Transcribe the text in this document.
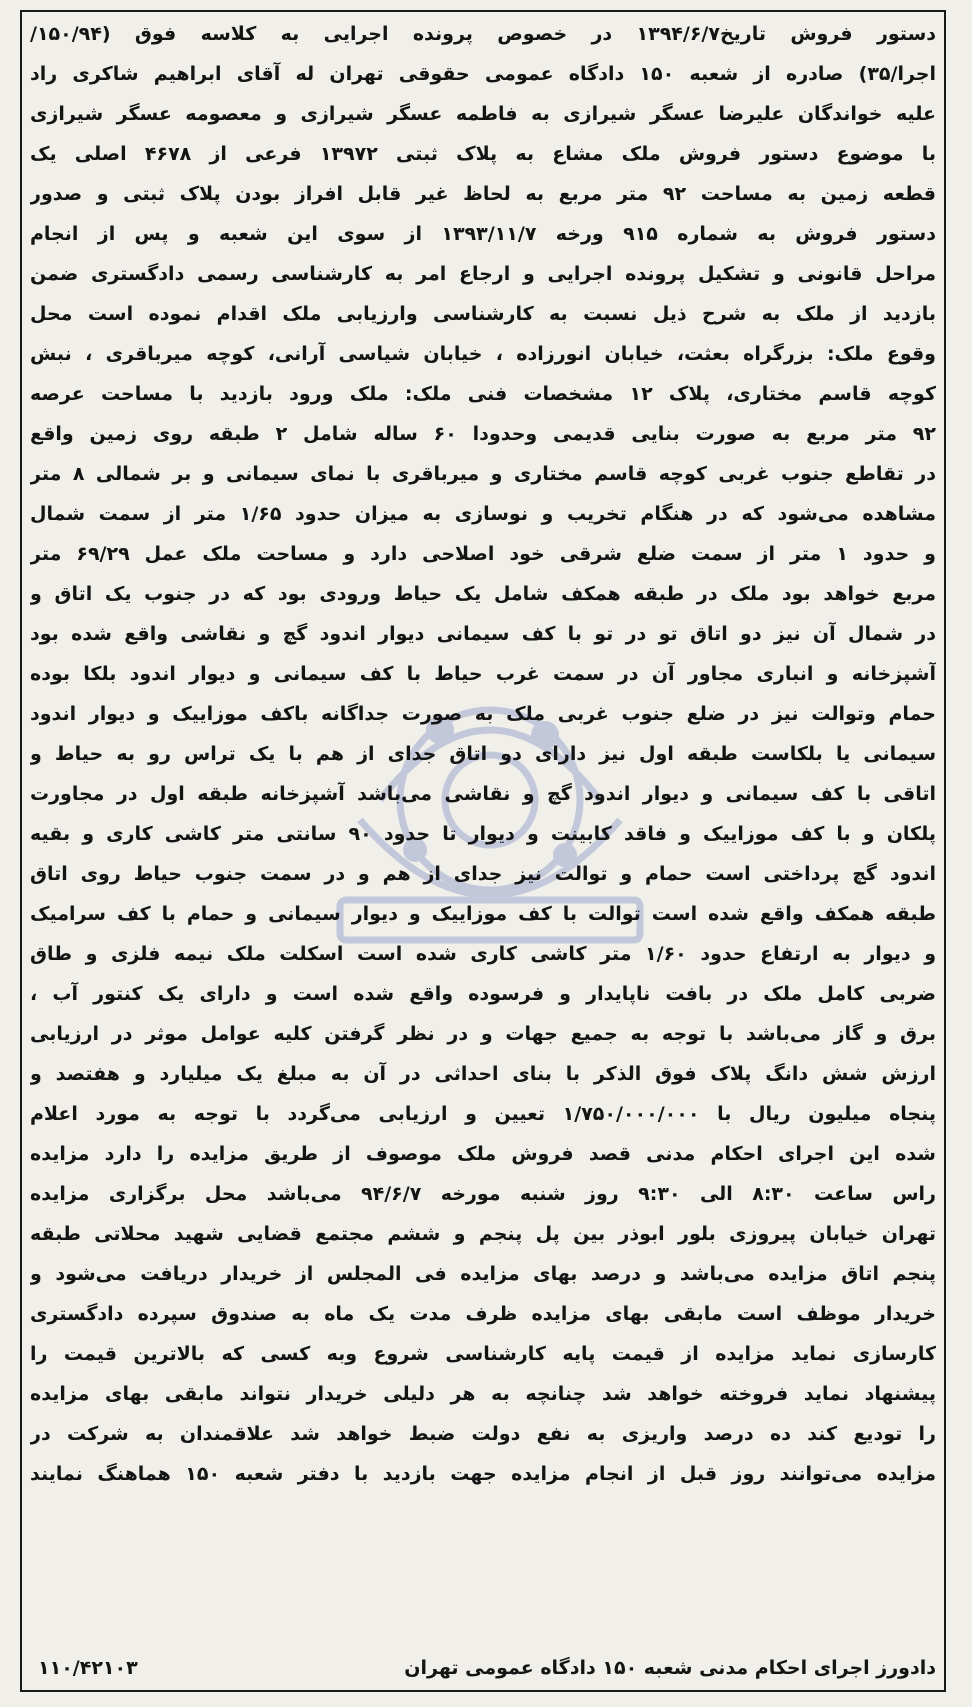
دستور فروش تاریخ۱۳۹۴/۶/۷ در خصوص پرونده اجرایی به کلاسه فوق (۱۵۰/۹۴/
اجرا/۳۵) صادره از شعبه ۱۵۰ دادگاه عمومی حقوقی تهران له آقای ابراهیم شاکری راد
علیه خواندگان علیرضا عسگر شیرازی به فاطمه عسگر شیرازی و معصومه عسگر شیرازی
با موضوع دستور فروش ملک مشاع به پلاک ثبتی ۱۳۹۷۲ فرعی از ۴۶۷۸ اصلی یک
قطعه زمین به مساحت ۹۲ متر مربع به لحاظ غیر قابل افراز بودن پلاک ثبتی و صدور
دستور فروش به شماره ۹۱۵ ورخه ۱۳۹۳/۱۱/۷ از سوی این شعبه و پس از انجام
مراحل قانونی و تشکیل پرونده اجرایی و ارجاع امر به کارشناسی رسمی دادگستری ضمن
بازدید از ملک به شرح ذیل نسبت به کارشناسی وارزیابی ملک اقدام نموده است محل
وقوع ملک: بزرگراه بعثت، خیابان انورزاده ، خیابان شیاسی آرانی، کوچه میرباقری ، نبش
کوچه قاسم مختاری، پلاک ۱۲ مشخصات فنی ملک: ملک ورود بازدید با مساحت عرصه
۹۲ متر مربع به صورت بنایی قدیمی وحدودا ۶۰ ساله شامل ۲ طبقه روی زمین واقع
در تقاطع جنوب غربی کوچه قاسم مختاری و میرباقری با نمای سیمانی و بر شمالی ۸ متر
مشاهده می‌شود که در هنگام تخریب و نوسازی به میزان حدود ۱/۶۵ متر از سمت شمال
و حدود ۱ متر از سمت ضلع شرقی خود اصلاحی دارد و مساحت ملک عمل ۶۹/۲۹ متر
مربع خواهد بود ملک در طبقه همکف شامل یک حیاط ورودی بود که در جنوب یک اتاق و
در شمال آن نیز دو اتاق تو در تو با کف سیمانی دیوار اندود گچ و نقاشی واقع شده بود
آشپزخانه و انباری مجاور آن در سمت غرب حیاط با کف سیمانی و دیوار اندود بلکا بوده
حمام وتوالت نیز در ضلع جنوب غربی ملک به صورت جداگانه باکف موزاییک و دیوار اندود
سیمانی یا بلکاست طبقه اول نیز دارای دو اتاق جدای از هم با یک تراس رو به حیاط و
اتاقی با کف سیمانی و دیوار اندود گچ و نقاشی می‌باشد آشپزخانه طبقه اول در مجاورت
پلکان و با کف موزاییک و فاقد کابینت و دیوار تا حدود ۹۰ سانتی متر کاشی کاری و بقیه
اندود گچ پرداختی است حمام و توالت نیز جدای از هم و در سمت جنوب حیاط روی اتاق
طبقه همکف واقع شده است توالت با کف موزاییک و دیوار سیمانی و حمام با کف سرامیک
و دیوار به ارتفاع حدود ۱/۶۰ متر کاشی کاری شده است اسکلت ملک نیمه فلزی و طاق
ضربی کامل ملک در بافت ناپایدار و فرسوده واقع شده است و دارای یک کنتور آب ،
برق و گاز می‌باشد با توجه به جمیع جهات و در نظر گرفتن کلیه عوامل موثر در ارزیابی
ارزش شش دانگ پلاک فوق الذکر با بنای احداثی در آن به مبلغ یک میلیارد و هفتصد و
پنجاه میلیون ریال با ۱/۷۵۰/۰۰۰/۰۰۰ تعیین و ارزیابی می‌گردد با توجه به مورد اعلام
شده این اجرای احکام مدنی قصد فروش ملک موصوف از طریق مزایده را دارد مزایده
راس ساعت ۸:۳۰ الی ۹:۳۰ روز شنبه مورخه ۹۴/۶/۷ می‌باشد محل برگزاری مزایده
تهران خیابان پیروزی بلور ابوذر بین پل پنجم و ششم مجتمع قضایی شهید محلاتی طبقه
پنجم اتاق مزایده می‌باشد و درصد بهای مزایده فی المجلس از خریدار دریافت می‌شود و
خریدار موظف است مابقی بهای مزایده ظرف مدت یک ماه به صندوق سپرده دادگستری
کارسازی نماید مزایده از قیمت پایه کارشناسی شروع وبه کسی که بالاترین قیمت را
پیشنهاد نماید فروخته خواهد شد چنانچه به هر دلیلی خریدار نتواند مابقی بهای مزایده
را تودیع کند ده درصد واریزی به نفع دولت ضبط خواهد شد علاقمندان به شرکت در
مزایده می‌توانند روز قبل از انجام مزایده جهت بازدید با دفتر شعبه ۱۵۰ هماهنگ نمایند
دادورز اجرای احکام مدنی شعبه ۱۵۰ دادگاه عمومی تهران
۱۱۰/۴۲۱۰۳
